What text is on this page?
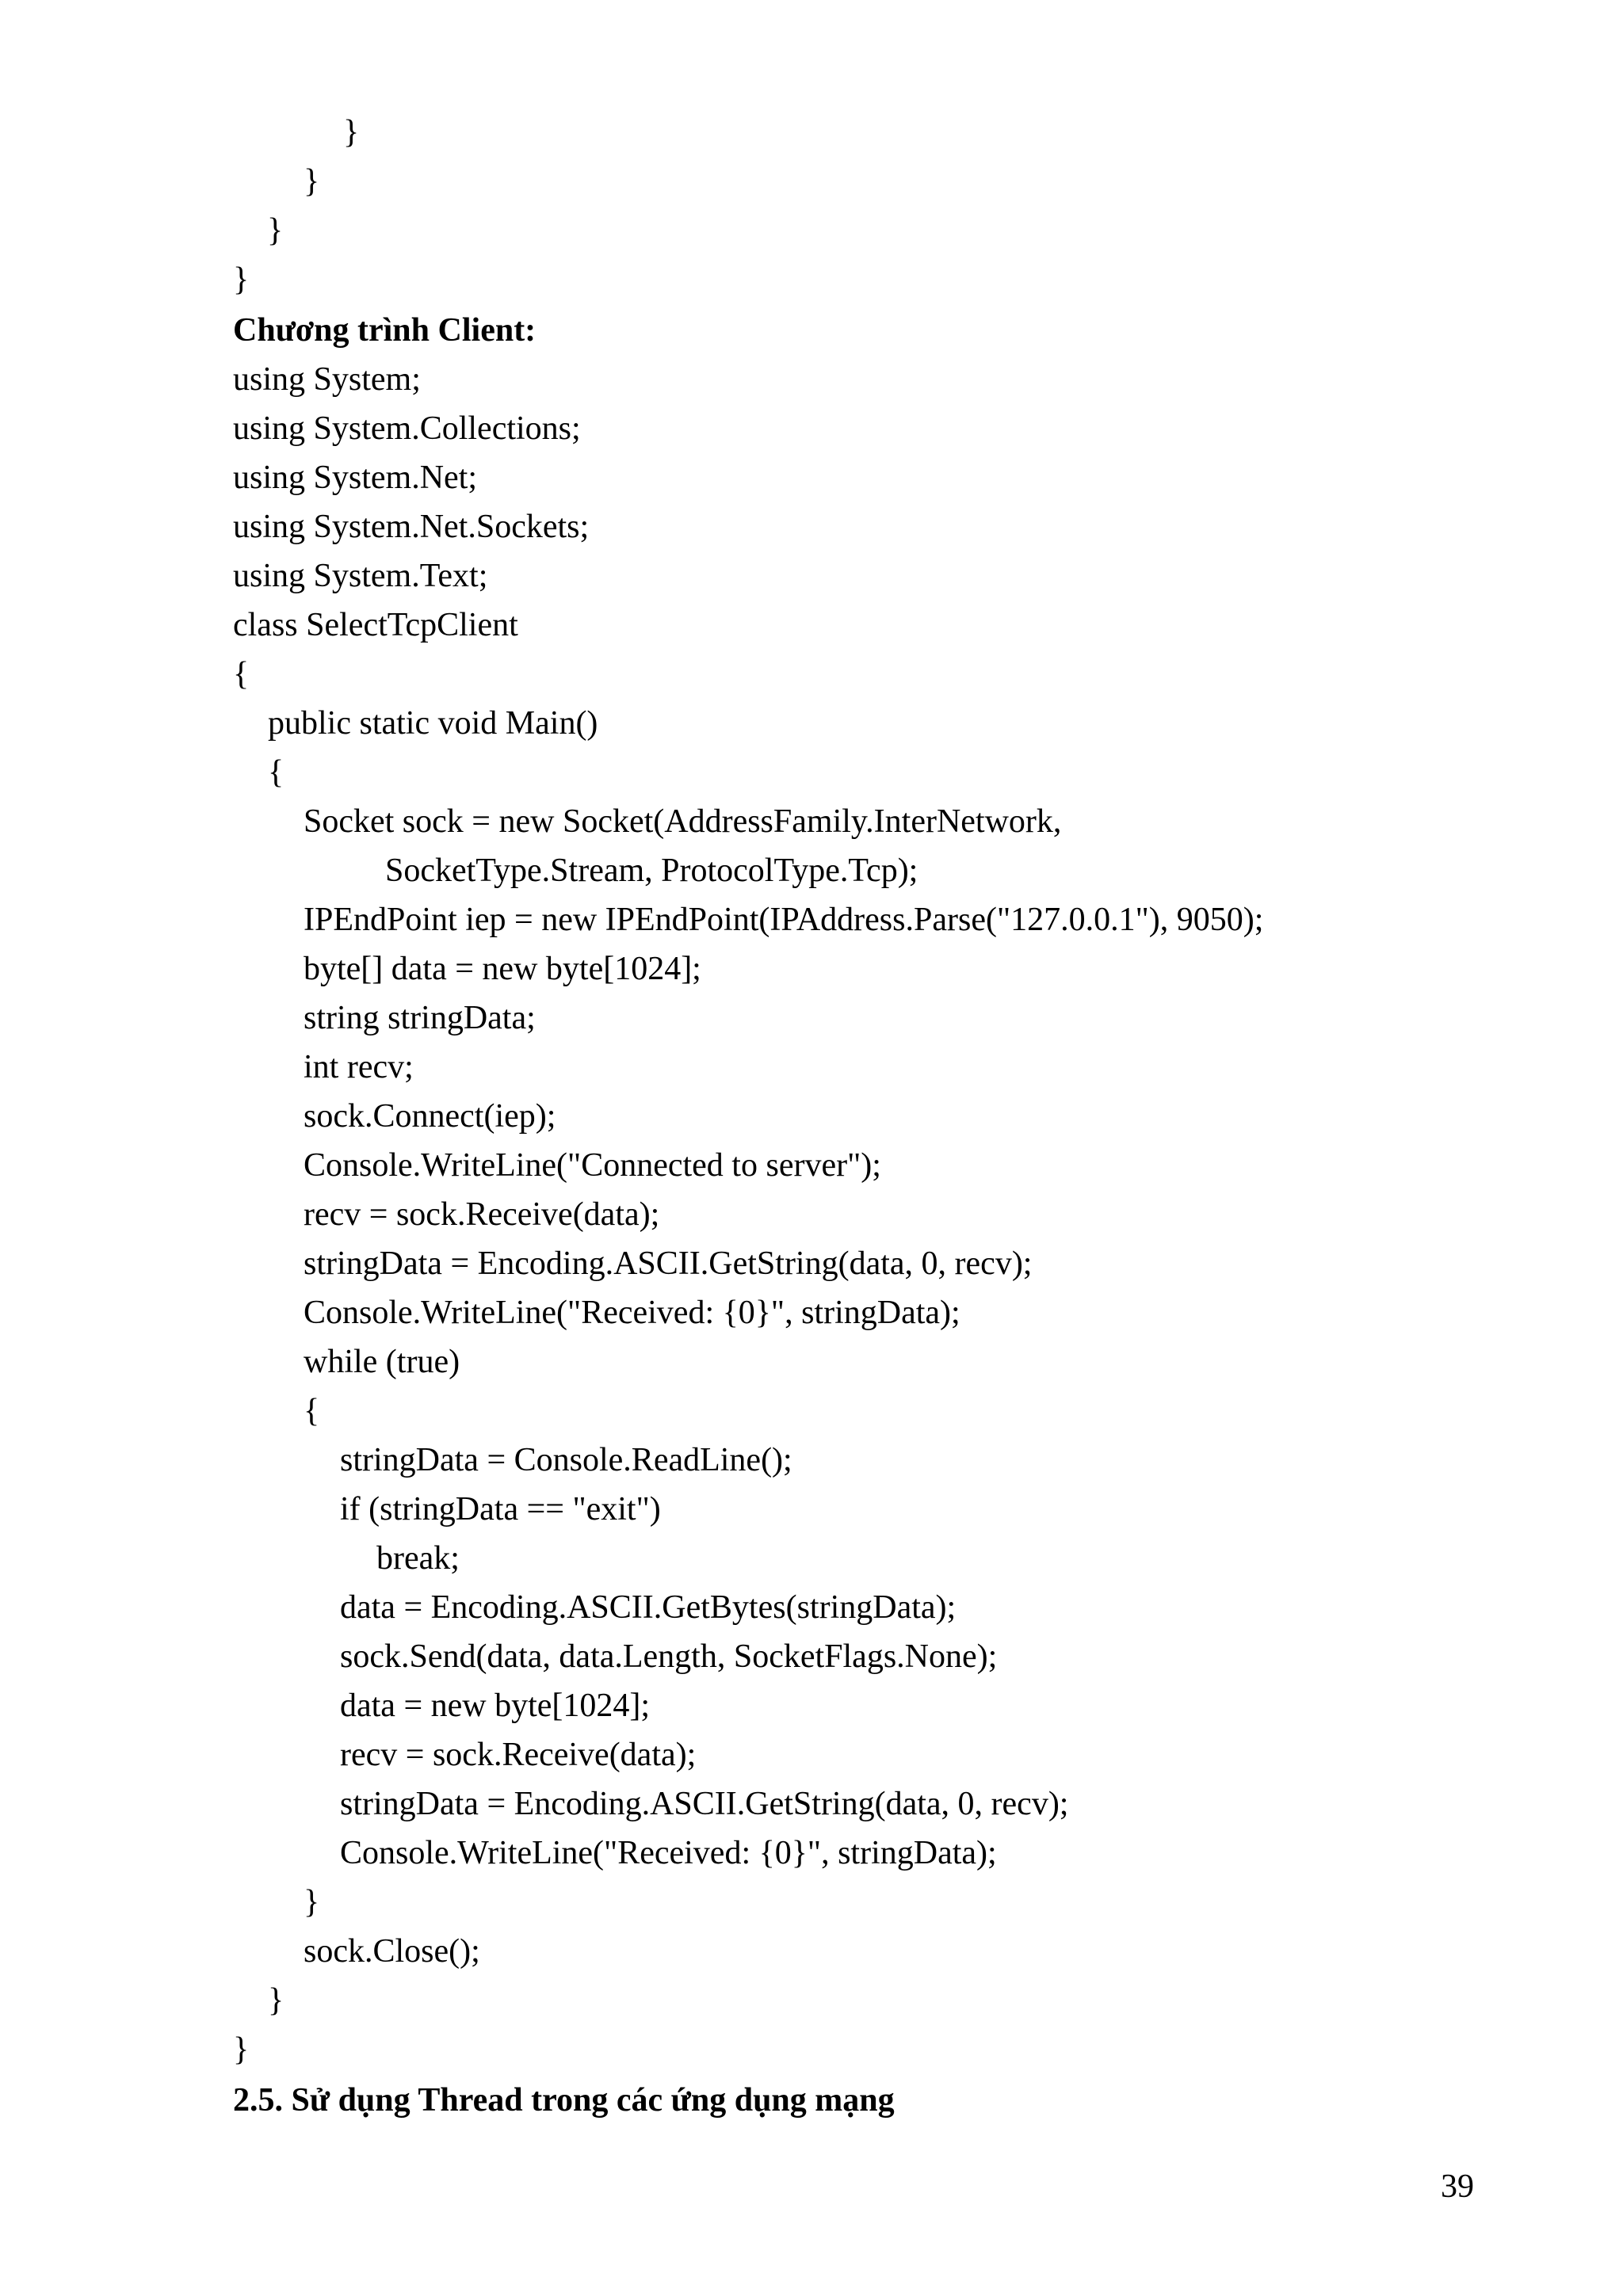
}

}

}

}

Chương trình Client:

using System;

using System.Collections;

using System.Net;

using System.Net.Sockets;

using System.Text;

class SelectTcpClient

{

public static void Main()

{

Socket sock = new Socket(AddressFamily.InterNetwork,

SocketType.Stream, ProtocolType.Tcp);

IPEndPoint iep = new IPEndPoint(IPAddress.Parse("127.0.0.1"), 9050);

byte[] data = new byte[1024];

string stringData;

int recv;

sock.Connect(iep);

Console.WriteLine("Connected to server");

recv = sock.Receive(data);

stringData = Encoding.ASCII.GetString(data, 0, recv);

Console.WriteLine("Received: {0}", stringData);

while (true)

{

stringData = Console.ReadLine();

if (stringData == "exit")

break;

data = Encoding.ASCII.GetBytes(stringData);

sock.Send(data, data.Length, SocketFlags.None);

data = new byte[1024];

recv = sock.Receive(data);

stringData = Encoding.ASCII.GetString(data, 0, recv);

Console.WriteLine("Received: {0}", stringData);

}

sock.Close();

}

}

2.5. Sử dụng Thread trong các ứng dụng mạng

39
